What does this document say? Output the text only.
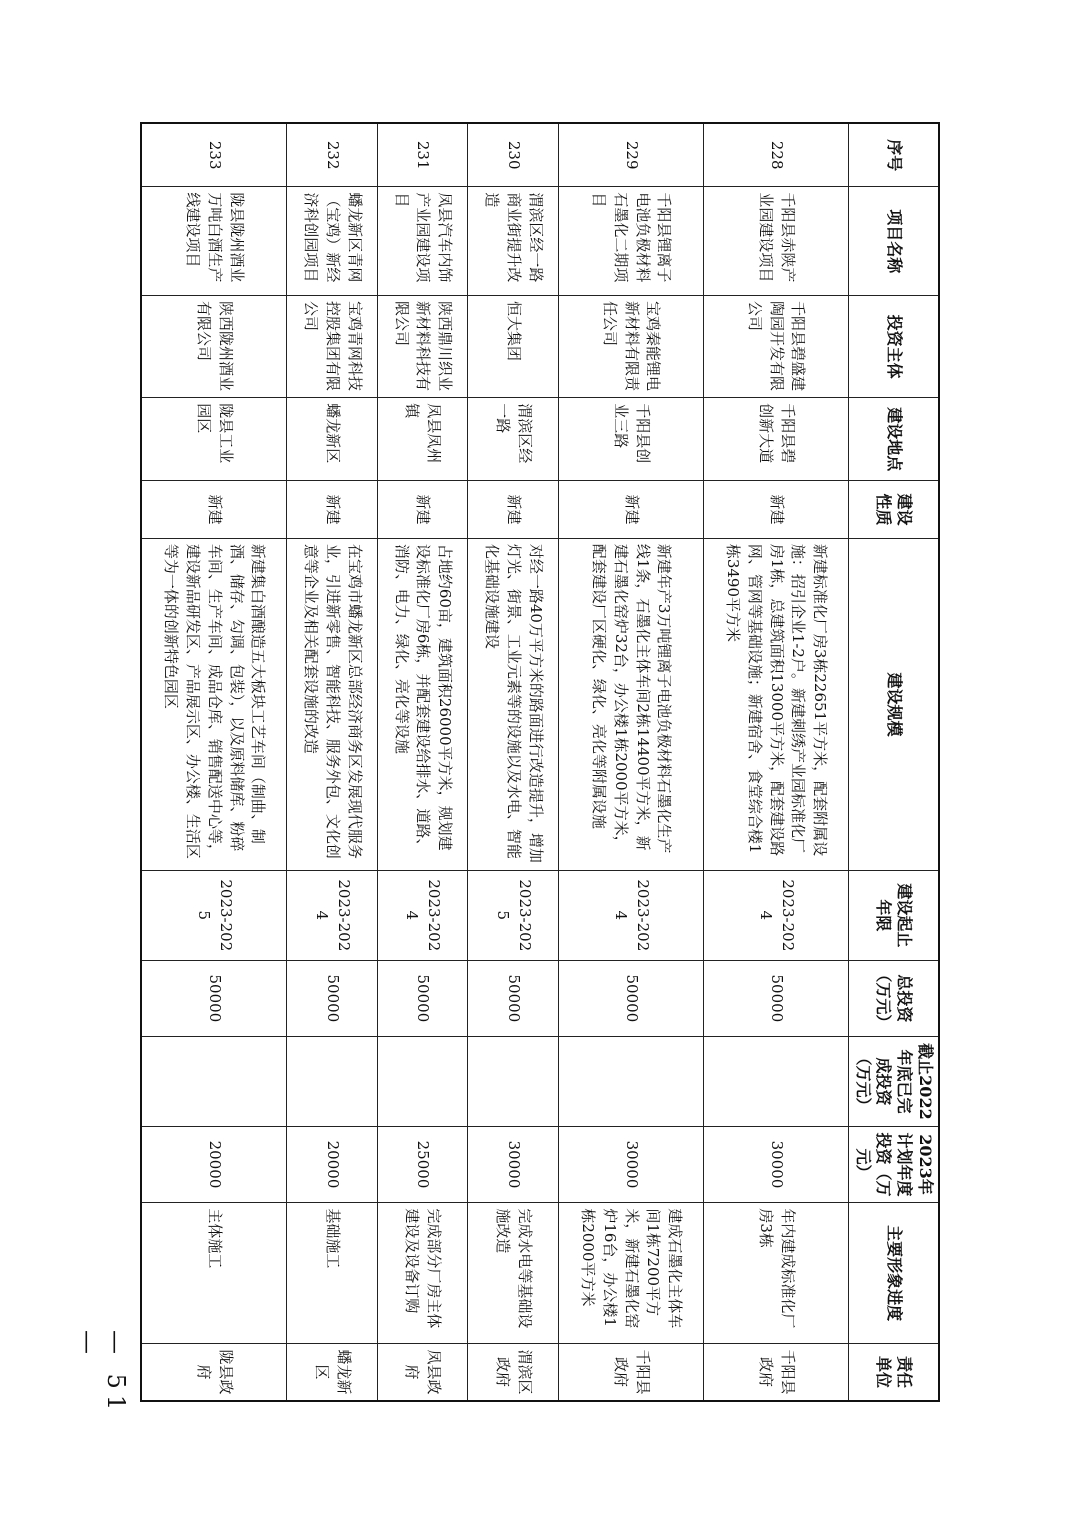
序号	项目名称	投资主体	建设地点	建设性质	建设规模	建设起止年限	总投资（万元）	截止2022年底已完成投资（万元）	2023年计划年度投资（万元）	主要形象进度	责任单位
228	千阳县赤陕产业园建设项目	千阳县碧盛建陶园开发有限公司	千阳县碧创新大道	新建	新建标准化厂房3栋22651平方米，配套附属设施：招引企业1-2户。新建刺绣产业园标准化厂房1栋，总建筑面积13000平方米，配套建设路网、管网等基础设施；新建宿舍、食堂综合楼1栋3490平方米	2023-2024	50000		30000	年内建成标准化厂房3栋	千阳县政府
229	千阳县锂离子电池负极材料石墨化二期项目	宝鸡秦能锂电新材料有限责任公司	千阳县创业三路	新建	新建年产3万吨锂离子电池负极材料石墨化生产线1条，石墨化主体车间2栋14400平方米，新建石墨化窑炉32台，办公楼1栋2000平方米，配套建设厂区硬化、绿化、亮化等附属设施	2023-2024	50000		30000	建成石墨化主体车间1栋7200平方米，新建石墨化窑炉16台，办公楼1栋2000平方米	千阳县政府
230	渭滨区经一路商业街提升改造	恒大集团	渭滨区经一路	新建	对经一路40万平方米的路面进行改造提升，增加灯光、街景、工业元素等的设施以及水电、智能化基础设施建设	2023-2025	50000		30000	完成水电等基础设施改造	渭滨区政府
231	凤县汽车内饰产业园建设项目	陕西鼎川织业新材料科技有限公司	凤县凤州镇	新建	占地约60亩，建筑面积26000平方米，规划建设标准化厂房6栋，并配套建设给排水、道路、消防、电力、绿化、亮化等设施	2023-2024	50000		25000	完成部分厂房主体建设及设备订购	凤县政府
232	蟠龙新区青网（宝鸡）新经济科创园项目	宝鸡青网科技控股集团有限公司	蟠龙新区	新建	在宝鸡市蟠龙新区总部经济商务区发展现代服务业，引进新零售、智能科技、服务外包、文化创意等企业及相关配套设施的改造	2023-2024	50000		20000	基础施工	蟠龙新区
233	陇县陇州酒业万吨白酒生产线建设项目	陕西陇州酒业有限公司	陇县工业园区	新建	新建集白酒酿造五大板块工艺车间（制曲、制酒、储存、勾调、包装），以及原料储库、粉碎车间、生产车间、成品仓库、销售配送中心等，建设新品研发区、产品展示区、办公楼、生活区等为一体的创新特色园区	2023-2025	50000		20000	主体施工	陇县政府
— 51 —
